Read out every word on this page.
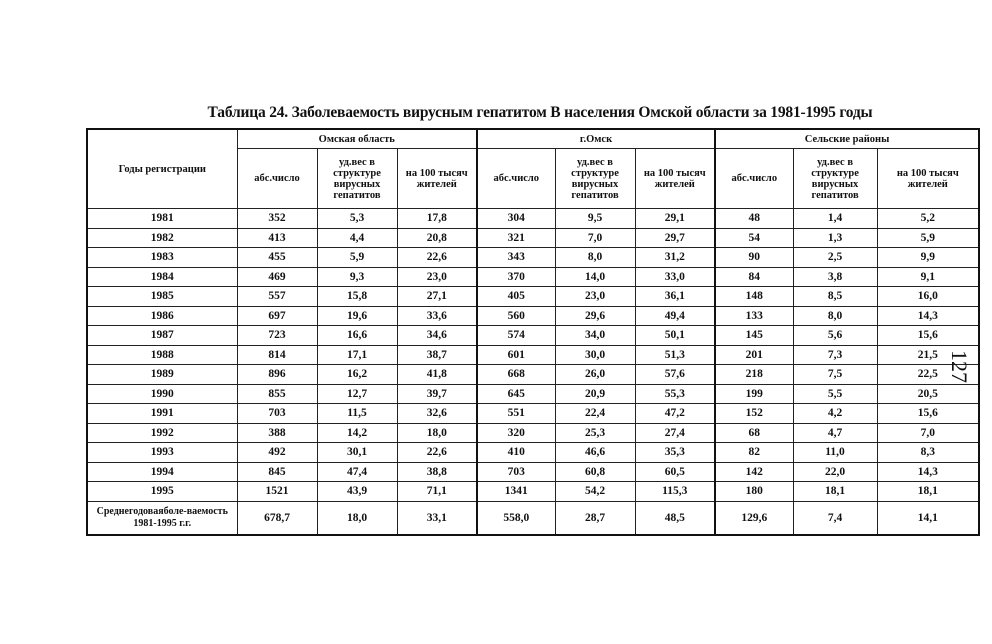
Таблица 24. Заболеваемость вирусным гепатитом В населения Омской области за 1981-1995 годы
Годы регистрации	Омская область			г.Омск			Сельские районы		
	абс.число	уд.вес в структуре вирусных гепатитов	на 100 тысяч жителей	абс.число	уд.вес в структуре вирусных гепатитов	на 100 тысяч жителей	абс.число	уд.вес в структуре вирусных гепатитов	на 100 тысяч жителей
1981	352	5,3	17,8	304	9,5	29,1	48	1,4	5,2
1982	413	4,4	20,8	321	7,0	29,7	54	1,3	5,9
1983	455	5,9	22,6	343	8,0	31,2	90	2,5	9,9
1984	469	9,3	23,0	370	14,0	33,0	84	3,8	9,1
1985	557	15,8	27,1	405	23,0	36,1	148	8,5	16,0
1986	697	19,6	33,6	560	29,6	49,4	133	8,0	14,3
1987	723	16,6	34,6	574	34,0	50,1	145	5,6	15,6
1988	814	17,1	38,7	601	30,0	51,3	201	7,3	21,5
1989	896	16,2	41,8	668	26,0	57,6	218	7,5	22,5
1990	855	12,7	39,7	645	20,9	55,3	199	5,5	20,5
1991	703	11,5	32,6	551	22,4	47,2	152	4,2	15,6
1992	388	14,2	18,0	320	25,3	27,4	68	4,7	7,0
1993	492	30,1	22,6	410	46,6	35,3	82	11,0	8,3
1994	845	47,4	38,8	703	60,8	60,5	142	22,0	14,3
1995	1521	43,9	71,1	1341	54,2	115,3	180	18,1	18,1
Среднегодоваяболе-ваемость 1981-1995 г.г.	678,7	18,0	33,1	558,0	28,7	48,5	129,6	7,4	14,1
127
